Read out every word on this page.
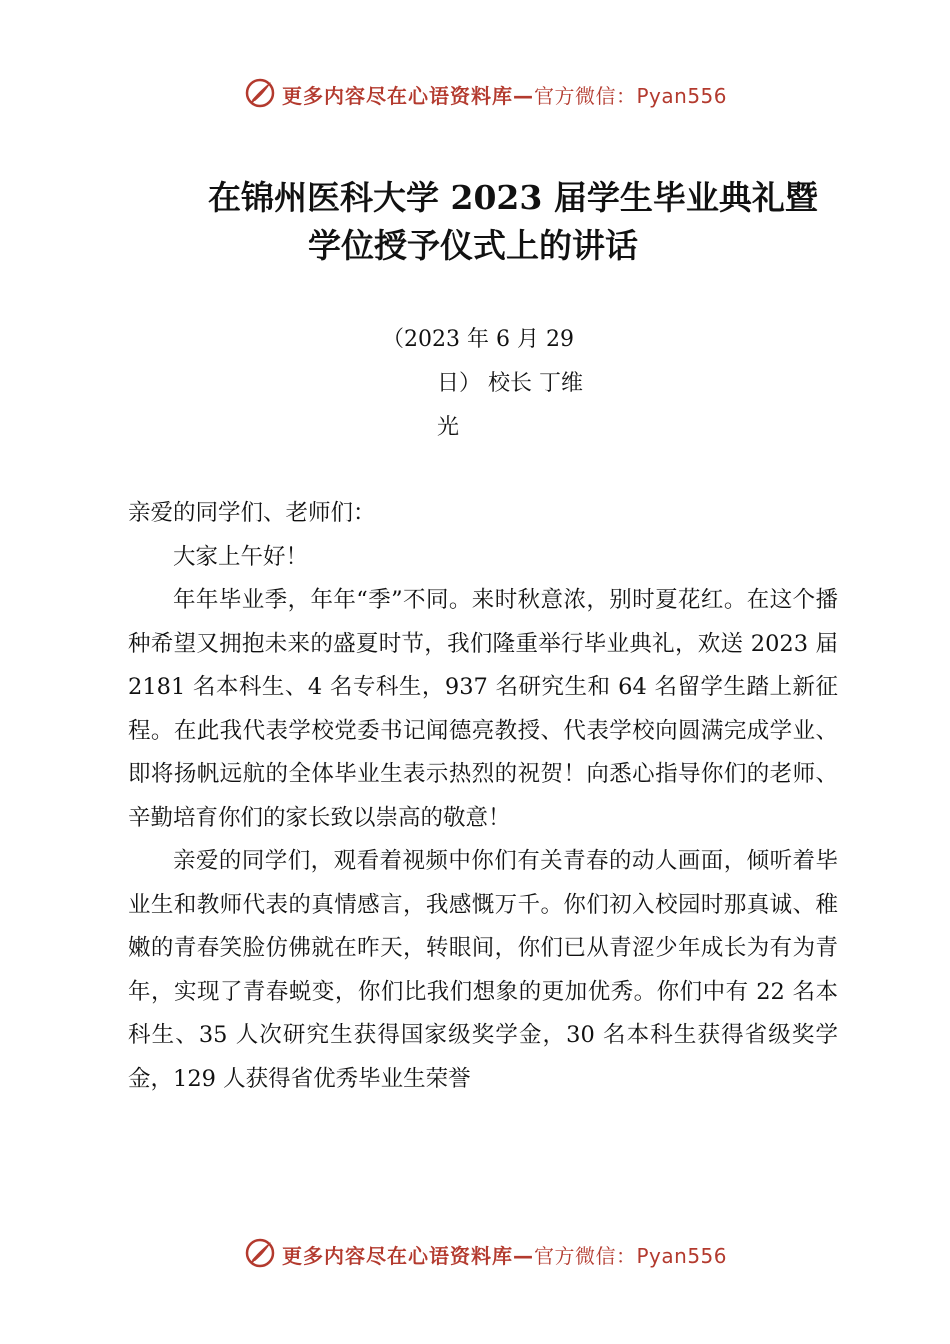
更多内容尽在心语资料库—官方微信：Pyan556
在锦州医科大学 2023 届学生毕业典礼暨
学位授予仪式上的讲话
（2023 年 6 月 29
日） 校长 丁维
光

亲爱的同学们、老师们：

大家上午好！

年年毕业季，年年“季”不同。来时秋意浓，别时夏花红。在这个播种希望又拥抱未来的盛夏时节，我们隆重举行毕业典礼，欢送 2023 届 2181 名本科生、4 名专科生，937 名研究生和 64 名留学生踏上新征程。在此我代表学校党委书记闻德亮教授、代表学校向圆满完成学业、即将扬帆远航的全体毕业生表示热烈的祝贺！向悉心指导你们的老师、辛勤培育你们的家长致以崇高的敬意！

亲爱的同学们，观看着视频中你们有关青春的动人画面，倾听着毕业生和教师代表的真情感言，我感慨万千。你们初入校园时那真诚、稚嫩的青春笑脸仿佛就在昨天，转眼间，你们已从青涩少年成长为有为青年，实现了青春蜕变，你们比我们想象的更加优秀。你们中有 22 名本科生、35 人次研究生获得国家级奖学金，30 名本科生获得省级奖学金，129 人获得省优秀毕业生荣誉

更多内容尽在心语资料库—官方微信：Pyan556
